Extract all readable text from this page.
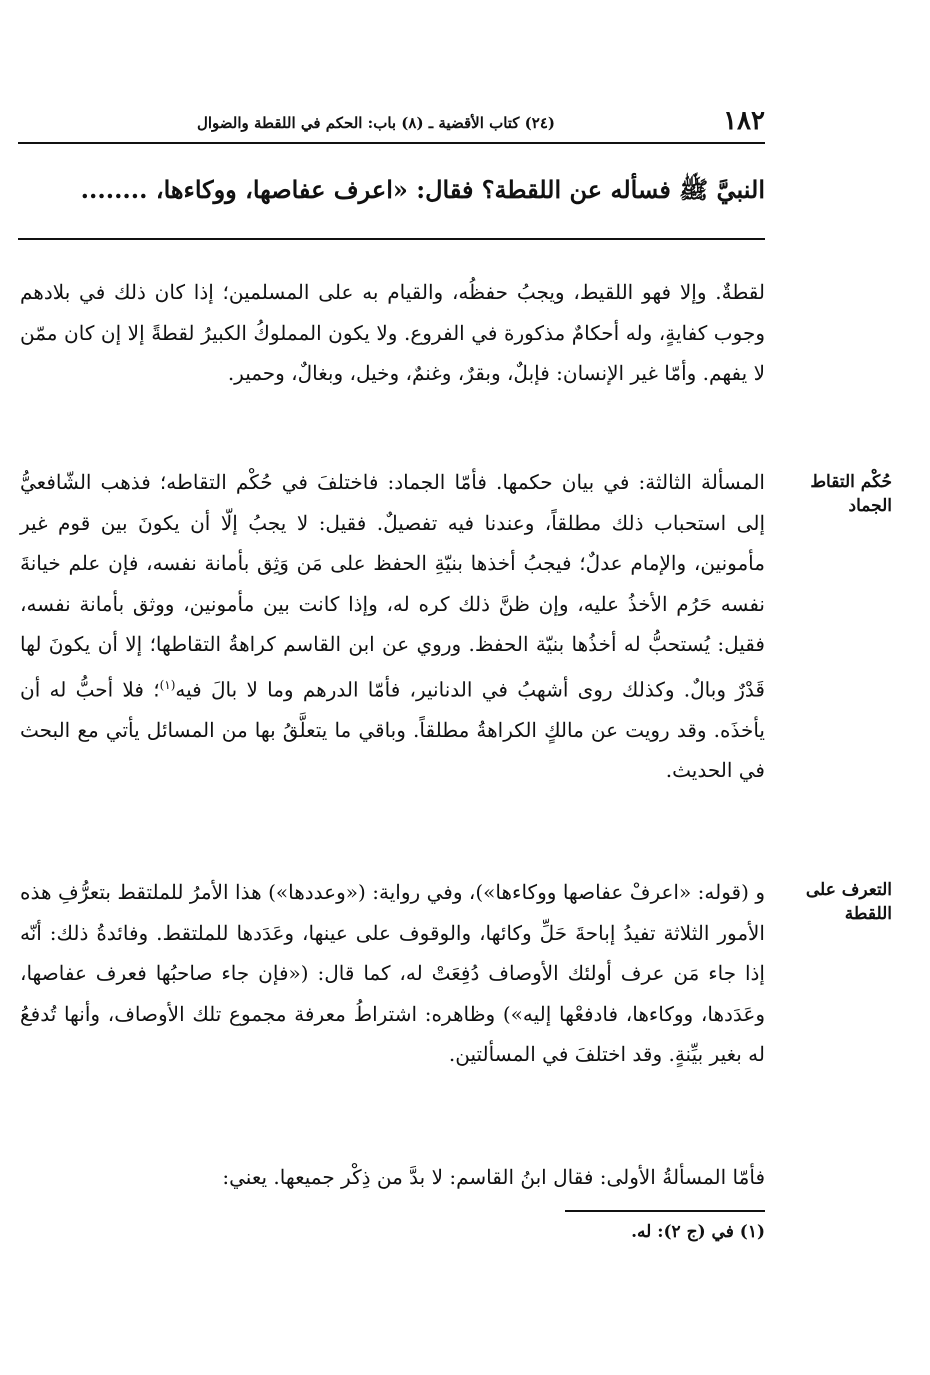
١٨٢
(٢٤) كتاب الأقضية ـ (٨) باب: الحكم في اللقطة والضوال
النبيَّ ﷺ فسأله عن اللقطة؟ فقال: «اعرف عفاصها، ووكاءها، ........
لقطةٌ. وإلا فهو اللقيط، ويجبُ حفظُه، والقيام به على المسلمين؛ إذا كان ذلك في بلادهم وجوب كفايةٍ، وله أحكامٌ مذكورة في الفروع. ولا يكون المملوكُ الكبيرُ لقطةً إلا إن كان ممّن لا يفهم. وأمّا غير الإنسان: فإبلٌ، وبقرٌ، وغنمٌ، وخيل، وبغالٌ، وحمير.
حُكْم التقاط الجماد
المسألة الثالثة: في بيان حكمها. فأمّا الجماد: فاختلفَ في حُكْم التقاطه؛ فذهب الشّافعيُّ إلى استحباب ذلك مطلقاً، وعندنا فيه تفصيلٌ. فقيل: لا يجبُ إلّا أن يكونَ بين قوم غير مأمونين، والإمام عدلٌ؛ فيجبُ أخذها بنيّةِ الحفظ على مَن وَثِق بأمانة نفسه، فإن علم خيانةَ نفسه حَرُم الأخذُ عليه، وإن ظنَّ ذلك كره له، وإذا كانت بين مأمونين، ووثق بأمانة نفسه، فقيل: يُستحبُّ له أخذُها بنيّة الحفظ. وروي عن ابن القاسم كراهةُ التقاطها؛ إلا أن يكونَ لها قَدْرٌ وبالٌ. وكذلك روى أشهبُ في الدنانير، فأمّا الدرهم وما لا بالَ فيه$^{(١)}$؛ فلا أحبُّ له أن يأخذَه. وقد رويت عن مالكٍ الكراهةُ مطلقاً. وباقي ما يتعلَّقُ بها من المسائل يأتي مع البحث في الحديث.
التعرف على اللقطة
و (قوله: «اعرفْ عفاصها ووكاءها»)، وفي رواية: («وعددها») هذا الأمرُ للملتقط بتعرُّفِ هذه الأمور الثلاثة تفيدُ إباحةَ حَلِّ وكائها، والوقوف على عينها، وعَدَدها للملتقط. وفائدةُ ذلك: أنّه إذا جاء مَن عرف أولئك الأوصاف دُفِعَتْ له، كما قال: («فإن جاء صاحبُها فعرف عفاصها، وعَدَدها، ووكاءها، فادفعْها إليه») وظاهره: اشتراطُ معرفة مجموع تلك الأوصاف، وأنها تُدفعُ له بغير بيِّنةٍ. وقد اختلفَ في المسألتين.
فأمّا المسألةُ الأولى: فقال ابنُ القاسم: لا بدَّ من ذِكْر جميعها. يعني:
(١) في (ج ٢): له.
